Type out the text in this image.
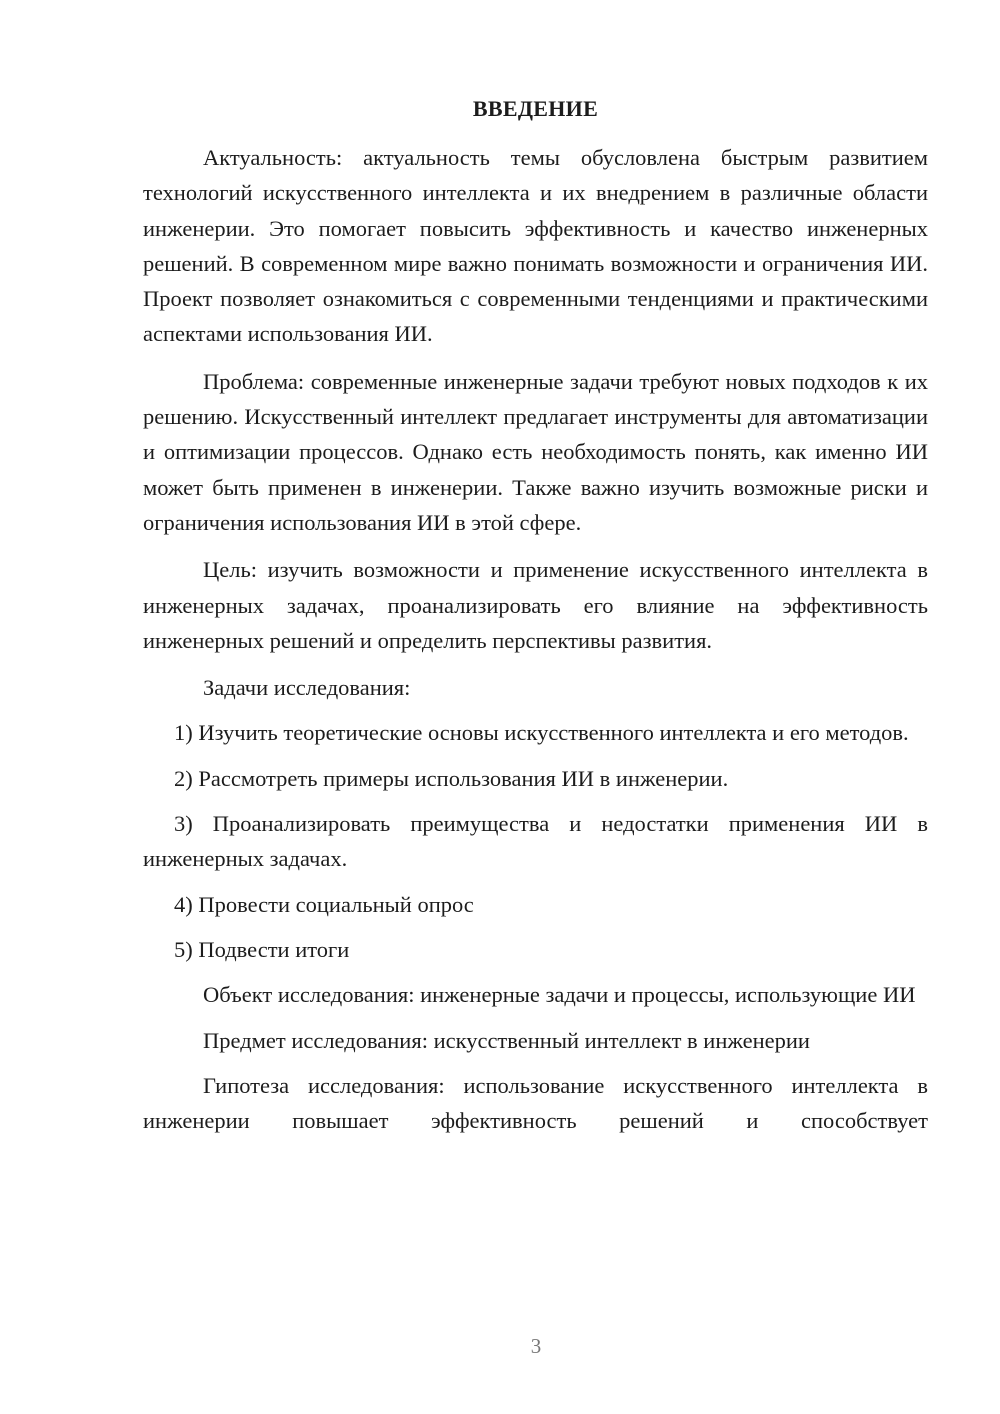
ВВЕДЕНИЕ

Актуальность: актуальность темы обусловлена быстрым развитием технологий искусственного интеллекта и их внедрением в различные области инженерии. Это помогает повысить эффективность и качество инженерных решений. В современном мире важно понимать возможности и ограничения ИИ. Проект позволяет ознакомиться с современными тенденциями и практическими аспектами использования ИИ.

Проблема: современные инженерные задачи требуют новых подходов к их решению. Искусственный интеллект предлагает инструменты для автоматизации и оптимизации процессов. Однако есть необходимость понять, как именно ИИ может быть применен в инженерии. Также важно изучить возможные риски и ограничения использования ИИ в этой сфере.

Цель: изучить возможности и применение искусственного интеллекта в инженерных задачах, проанализировать его влияние на эффективность инженерных решений и определить перспективы развития.

Задачи исследования:

1) Изучить теоретические основы искусственного интеллекта и его методов.

2) Рассмотреть примеры использования ИИ в инженерии.

3) Проанализировать преимущества и недостатки применения ИИ в инженерных задачах.

4) Провести социальный опрос

5) Подвести итоги

Объект исследования: инженерные задачи и процессы, использующие ИИ

Предмет исследования: искусственный интеллект в инженерии

Гипотеза исследования: использование искусственного интеллекта в инженерии повышает эффективность решений и способствует

3
